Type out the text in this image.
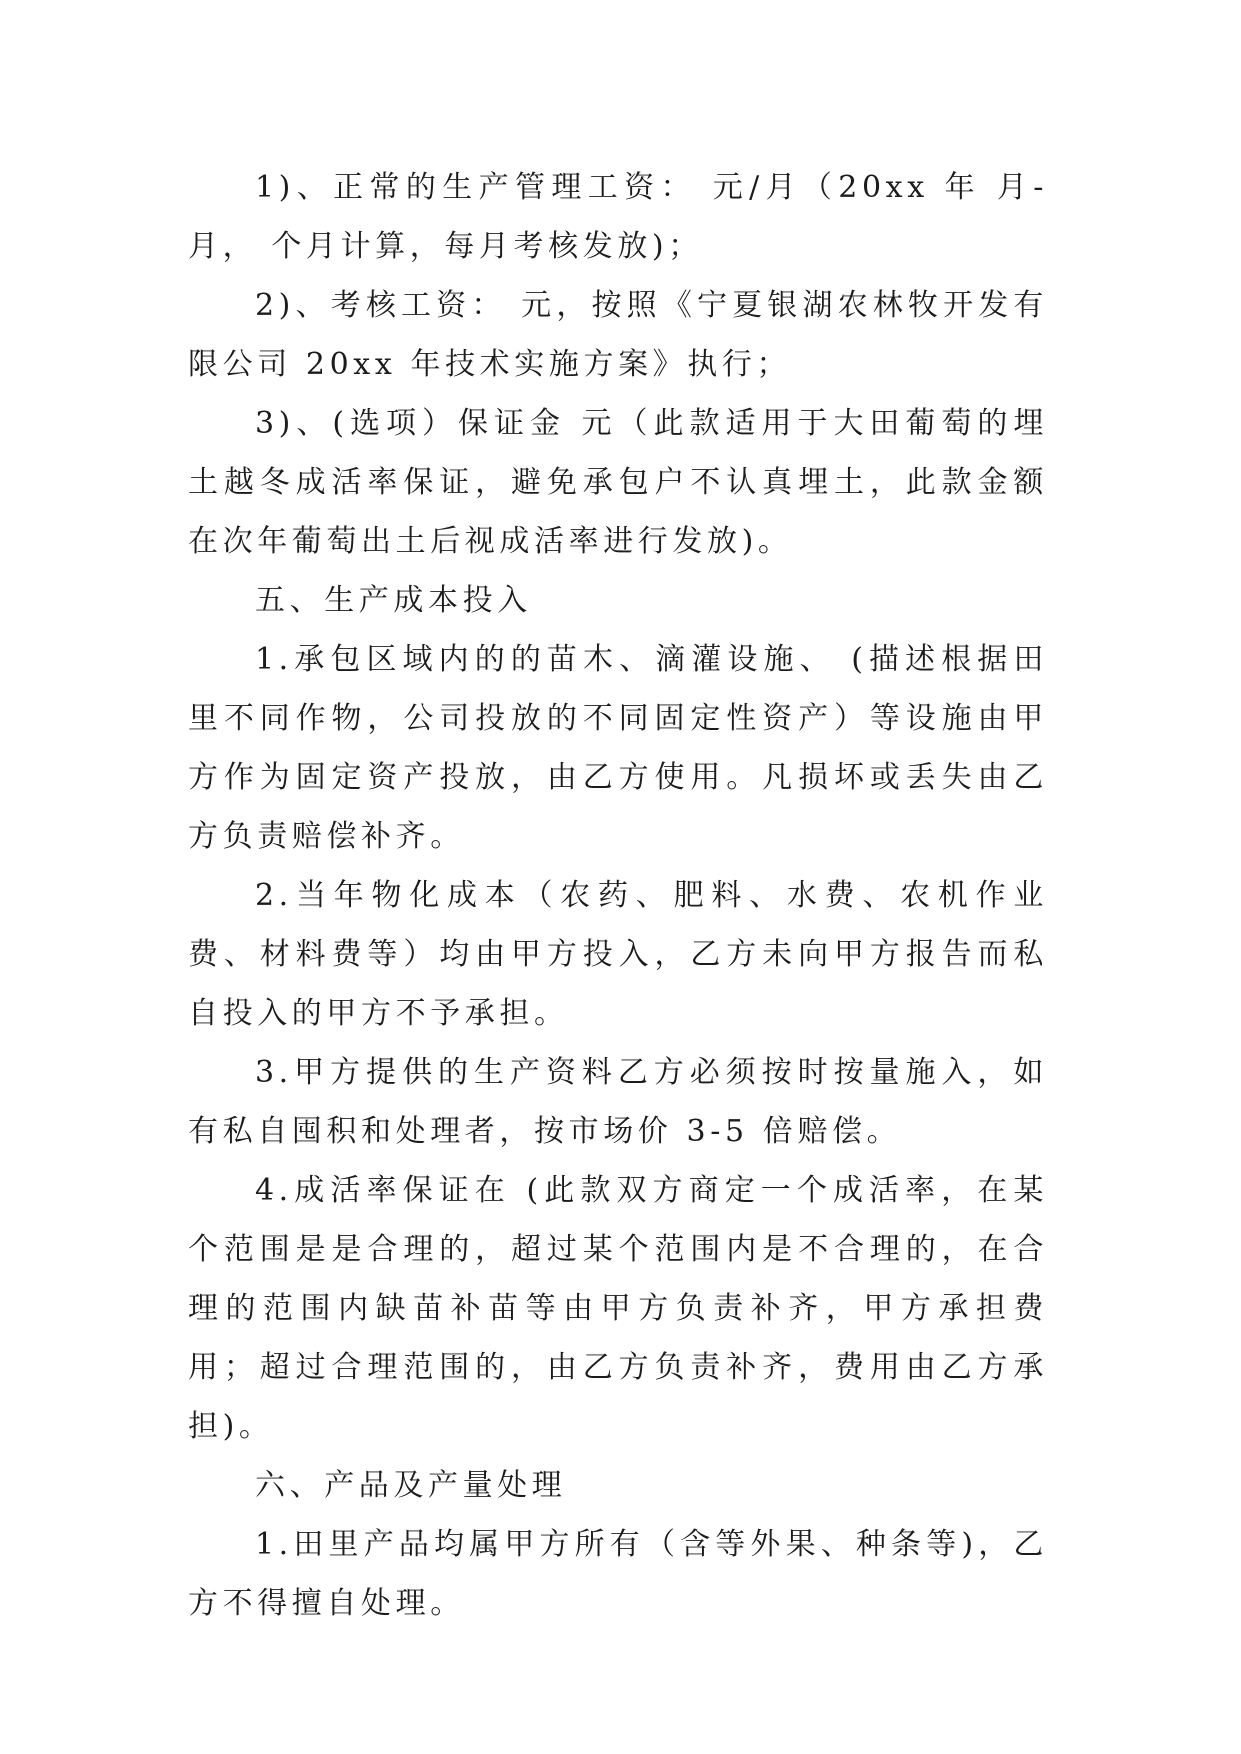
1)、正常的生产管理工资： 元/月（20xx 年 月- 月， 个月计算，每月考核发放)；

2)、考核工资： 元，按照《宁夏银湖农林牧开发有限公司 20xx 年技术实施方案》执行；

3)、(选项）保证金 元（此款适用于大田葡萄的埋土越冬成活率保证，避免承包户不认真埋土，此款金额在次年葡萄出土后视成活率进行发放)。

五、生产成本投入

1.承包区域内的的苗木、滴灌设施、 (描述根据田里不同作物，公司投放的不同固定性资产）等设施由甲方作为固定资产投放，由乙方使用。凡损坏或丢失由乙方负责赔偿补齐。

2.当年物化成本（农药、肥料、水费、农机作业费、材料费等）均由甲方投入，乙方未向甲方报告而私自投入的甲方不予承担。

3.甲方提供的生产资料乙方必须按时按量施入，如有私自囤积和处理者，按市场价 3-5 倍赔偿。

4.成活率保证在 (此款双方商定一个成活率，在某个范围是是合理的，超过某个范围内是不合理的，在合理的范围内缺苗补苗等由甲方负责补齐，甲方承担费用；超过合理范围的，由乙方负责补齐，费用由乙方承担)。

六、产品及产量处理

1.田里产品均属甲方所有（含等外果、种条等)，乙方不得擅自处理。
